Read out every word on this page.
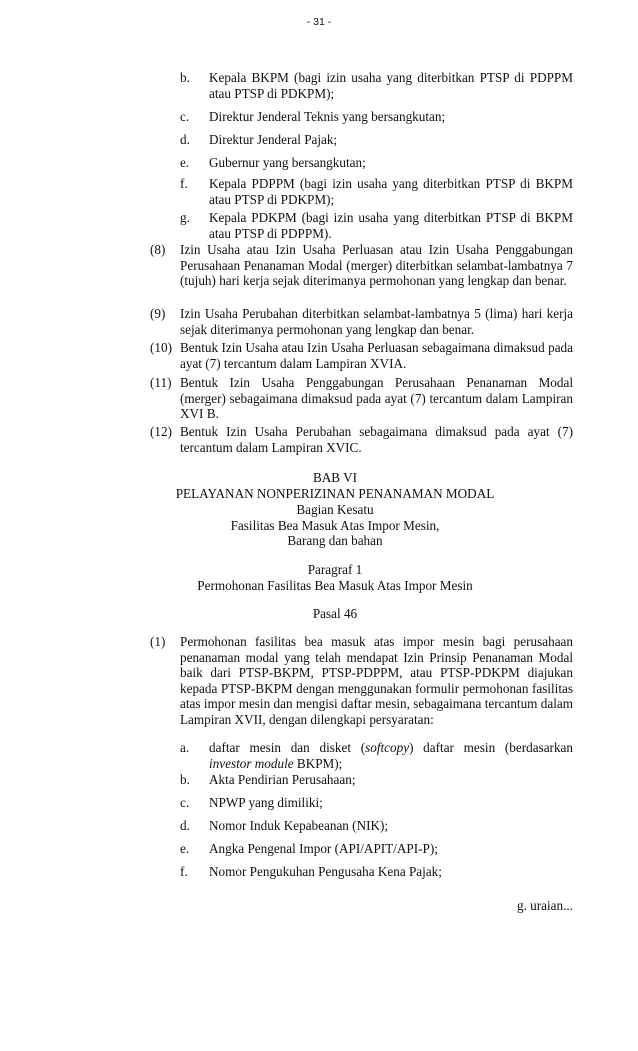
- 31 -
b.	Kepala BKPM (bagi izin usaha yang diterbitkan PTSP di PDPPM atau PTSP di PDKPM);
c.	Direktur Jenderal Teknis yang bersangkutan;
d.	Direktur Jenderal Pajak;
e.	Gubernur yang bersangkutan;
f.	Kepala PDPPM (bagi izin usaha yang diterbitkan PTSP di BKPM atau PTSP di PDKPM);
g.	Kepala PDKPM (bagi izin usaha yang diterbitkan PTSP di BKPM atau PTSP di PDPPM).
(8) Izin Usaha atau Izin Usaha Perluasan atau Izin Usaha Penggabungan Perusahaan Penanaman Modal (merger) diterbitkan selambat-lambatnya 7 (tujuh) hari kerja sejak diterimanya permohonan yang lengkap dan benar.
(9) Izin Usaha Perubahan diterbitkan selambat-lambatnya 5 (lima) hari kerja sejak diterimanya permohonan yang lengkap dan benar.
(10) Bentuk Izin Usaha atau Izin Usaha Perluasan sebagaimana dimaksud pada ayat (7) tercantum dalam Lampiran XVIA.
(11) Bentuk Izin Usaha Penggabungan Perusahaan Penanaman Modal (merger) sebagaimana dimaksud pada ayat (7) tercantum dalam Lampiran XVI B.
(12) Bentuk Izin Usaha Perubahan sebagaimana dimaksud pada ayat (7) tercantum dalam Lampiran XVIC.
BAB VI
PELAYANAN NONPERIZINAN PENANAMAN MODAL
Bagian Kesatu
Fasilitas Bea Masuk Atas Impor Mesin,
Barang dan bahan
Paragraf 1
Permohonan Fasilitas Bea Masuk Atas Impor Mesin
Pasal 46
(1) Permohonan fasilitas bea masuk atas impor mesin bagi perusahaan penanaman modal yang telah mendapat Izin Prinsip Penanaman Modal baik dari PTSP-BKPM, PTSP-PDPPM, atau PTSP-PDKPM diajukan kepada PTSP-BKPM dengan menggunakan formulir permohonan fasilitas atas impor mesin dan mengisi daftar mesin, sebagaimana tercantum dalam Lampiran XVII, dengan dilengkapi persyaratan:
a.	daftar mesin dan disket (softcopy) daftar mesin (berdasarkan investor module BKPM);
b.	Akta Pendirian Perusahaan;
c.	NPWP yang dimiliki;
d.	Nomor Induk Kepabeanan (NIK);
e.	Angka Pengenal Impor (API/APIT/API-P);
f.	Nomor Pengukuhan Pengusaha Kena Pajak;
g. uraian...
